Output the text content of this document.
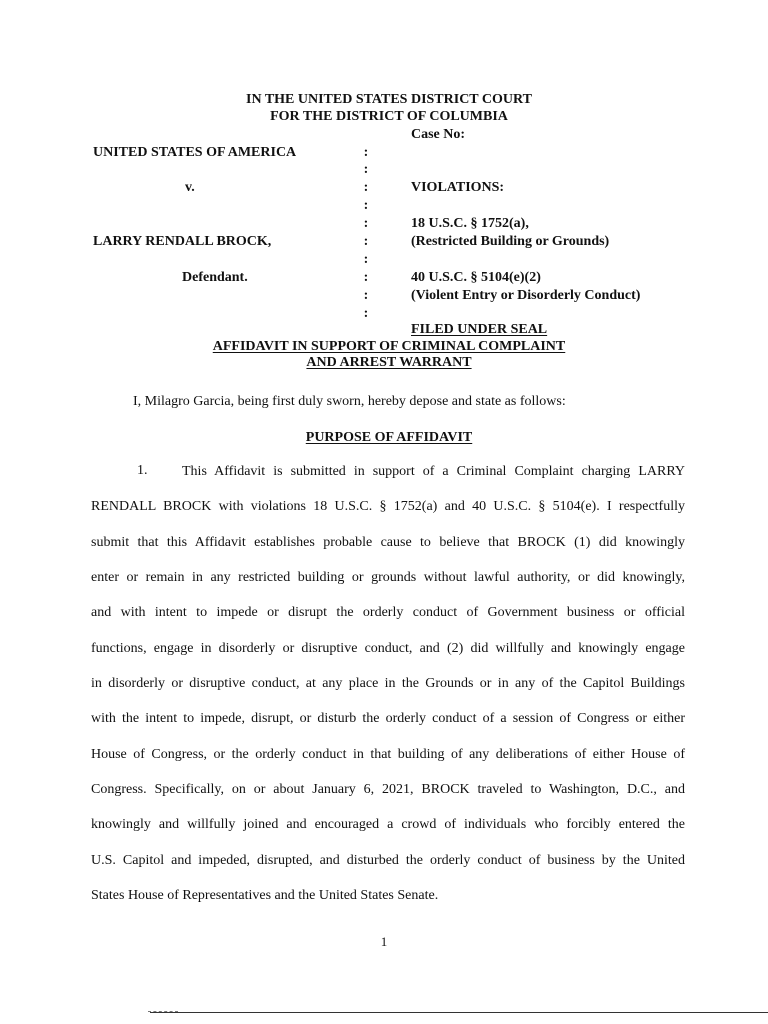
IN THE UNITED STATES DISTRICT COURT
FOR THE DISTRICT OF COLUMBIA
Case No:
UNITED STATES OF AMERICA
v.
LARRY RENDALL BROCK,
Defendant.
:
:
:
:
:
:
:
:
:
:
VIOLATIONS:
18 U.S.C. § 1752(a),
(Restricted Building or Grounds)
40 U.S.C. § 5104(e)(2)
(Violent Entry or Disorderly Conduct)
FILED UNDER SEAL
AFFIDAVIT IN SUPPORT OF CRIMINAL COMPLAINT
AND ARREST WARRANT
I, Milagro Garcia, being first duly sworn, hereby depose and state as follows:
PURPOSE OF AFFIDAVIT
1. This Affidavit is submitted in support of a Criminal Complaint charging LARRY
RENDALL BROCK with violations 18 U.S.C. § 1752(a) and 40 U.S.C. § 5104(e). I respectfully
submit that this Affidavit establishes probable cause to believe that BROCK (1) did knowingly
enter or remain in any restricted building or grounds without lawful authority, or did knowingly,
and with intent to impede or disrupt the orderly conduct of Government business or official
functions, engage in disorderly or disruptive conduct, and (2) did willfully and knowingly engage
in disorderly or disruptive conduct, at any place in the Grounds or in any of the Capitol Buildings
with the intent to impede, disrupt, or disturb the orderly conduct of a session of Congress or either
House of Congress, or the orderly conduct in that building of any deliberations of either House of
Congress. Specifically, on or about January 6, 2021, BROCK traveled to Washington, D.C., and
knowingly and willfully joined and encouraged a crowd of individuals who forcibly entered the
U.S. Capitol and impeded, disrupted, and disturbed the orderly conduct of business by the United
States House of Representatives and the United States Senate.
1
